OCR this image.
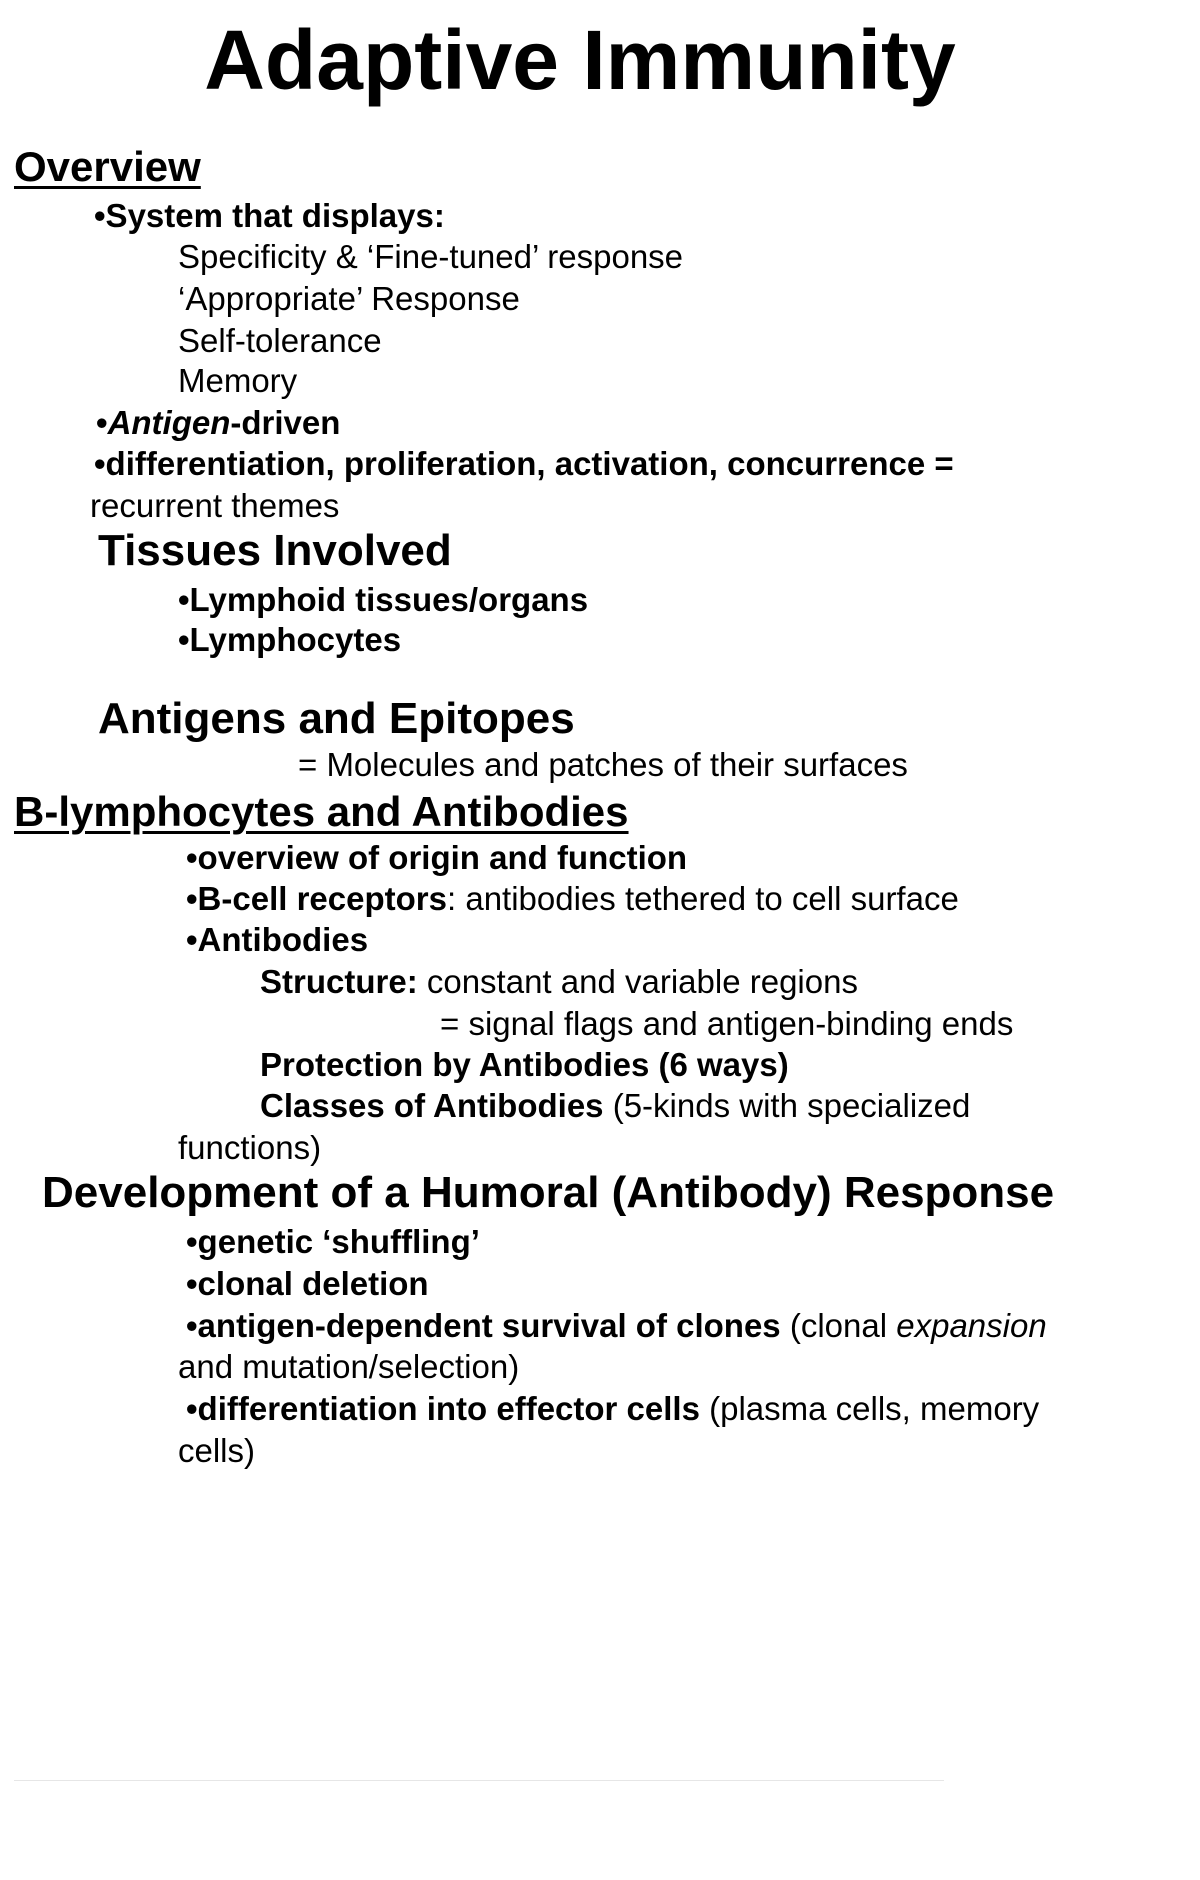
Adaptive Immunity
Overview
•System that displays:
Specificity & ‘Fine-tuned’ response
‘Appropriate’ Response
Self-tolerance
Memory
•Antigen-driven
•differentiation, proliferation, activation, concurrence =
recurrent themes
Tissues Involved
•Lymphoid tissues/organs
•Lymphocytes
Antigens and Epitopes
= Molecules and patches of their surfaces
B-lymphocytes and Antibodies
•overview of origin and function
•B-cell receptors: antibodies tethered to cell surface
•Antibodies
Structure: constant and variable regions
= signal flags and antigen-binding ends
Protection by Antibodies (6 ways)
Classes of Antibodies (5-kinds with specialized
functions)
Development of a Humoral (Antibody) Response
•genetic ‘shuffling’
•clonal deletion
•antigen-dependent survival of clones (clonal expansion
and mutation/selection)
•differentiation into effector cells (plasma cells, memory
cells)
